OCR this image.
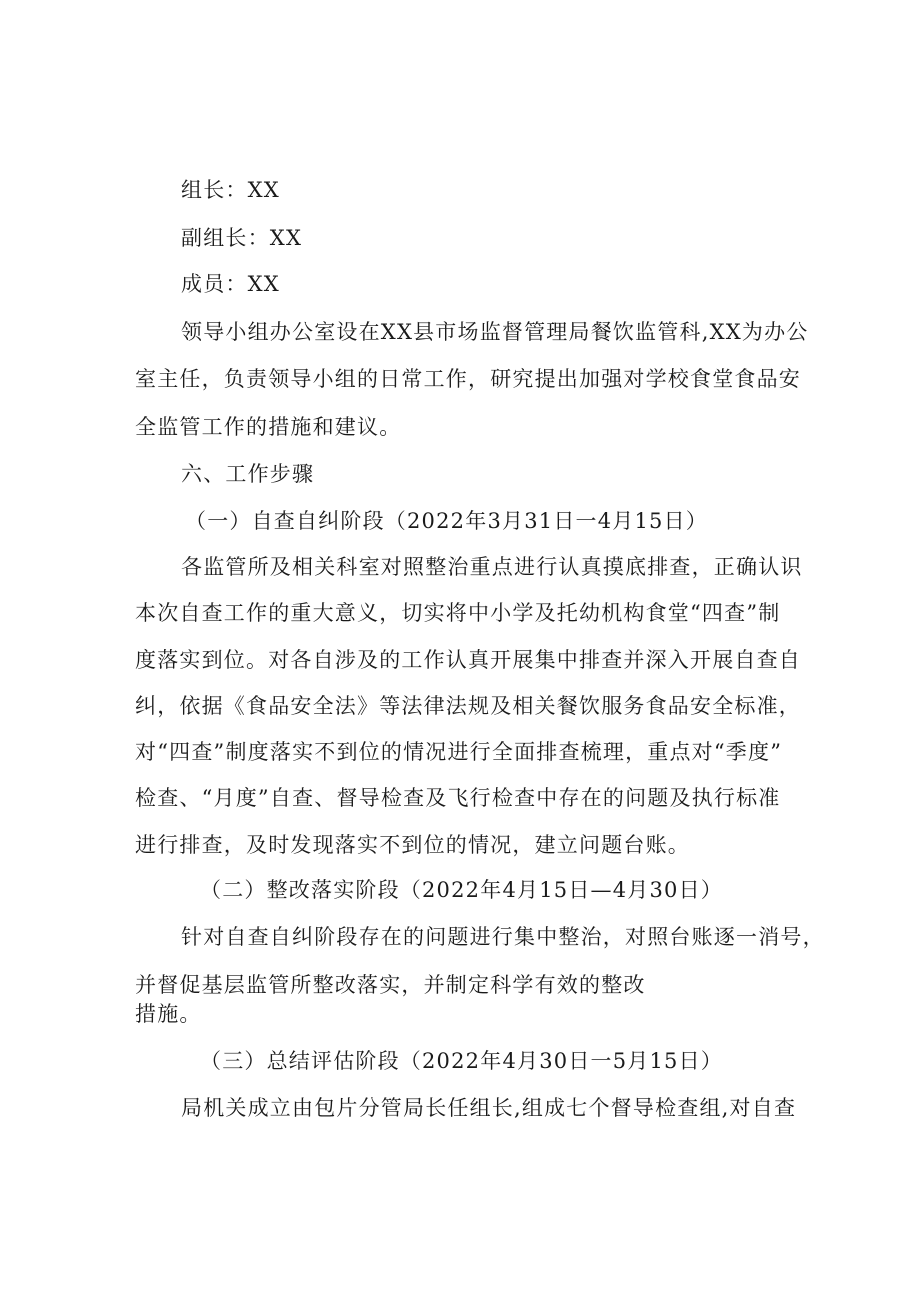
组长：XX
副组长：XX
成员：XX
领导小组办公室设在XX县市场监督管理局餐饮监管科,XX为办公
室主任，负责领导小组的日常工作，研究提出加强对学校食堂食品安
全监管工作的措施和建议。
六、工作步骤
（一）自查自纠阶段（2022年3月31日一4月15日）
各监管所及相关科室对照整治重点进行认真摸底排查，正确认识
本次自查工作的重大意义，切实将中小学及托幼机构食堂“四查”制
度落实到位。对各自涉及的工作认真开展集中排查并深入开展自查自
纠，依据《食品安全法》等法律法规及相关餐饮服务食品安全标准，
对“四查”制度落实不到位的情况进行全面排查梳理，重点对“季度”
检查、“月度”自查、督导检查及飞行检查中存在的问题及执行标准
进行排查，及时发现落实不到位的情况，建立问题台账。
（二）整改落实阶段（2022年4月15日—4月30日）
针对自查自纠阶段存在的问题进行集中整治，对照台账逐一消号，
并督促基层监管所整改落实，并制定科学有效的整改
措施。
（三）总结评估阶段（2022年4月30日一5月15日）
局机关成立由包片分管局长任组长,组成七个督导检查组,对自查
